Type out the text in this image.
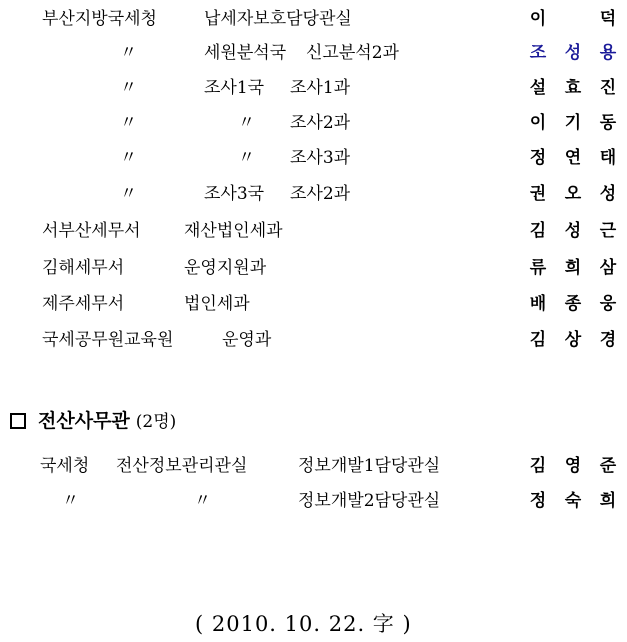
부산지방국세청	납세자보호담당관실	이	덕
〃	세원분석국 신고분석2과	조 성 용
〃	조사1국 조사1과	설 효 진
〃	〃 조사2과	이 기 동
〃	〃 조사3과	정 연 태
〃	조사3국 조사2과	권 오 성
서부산세무서	재산법인세과	김 성 근
김해세무서	운영지원과	류 희 삼
제주세무서	법인세과	배 종 웅
국세공무원교육원	운영과	김 상 경
전산사무관 (2명)
국세청 전산정보관리관실	정보개발1담당관실	김 영 준
〃	〃	정보개발2담당관실	정 숙 희
( 2010. 10. 22. 字 )
